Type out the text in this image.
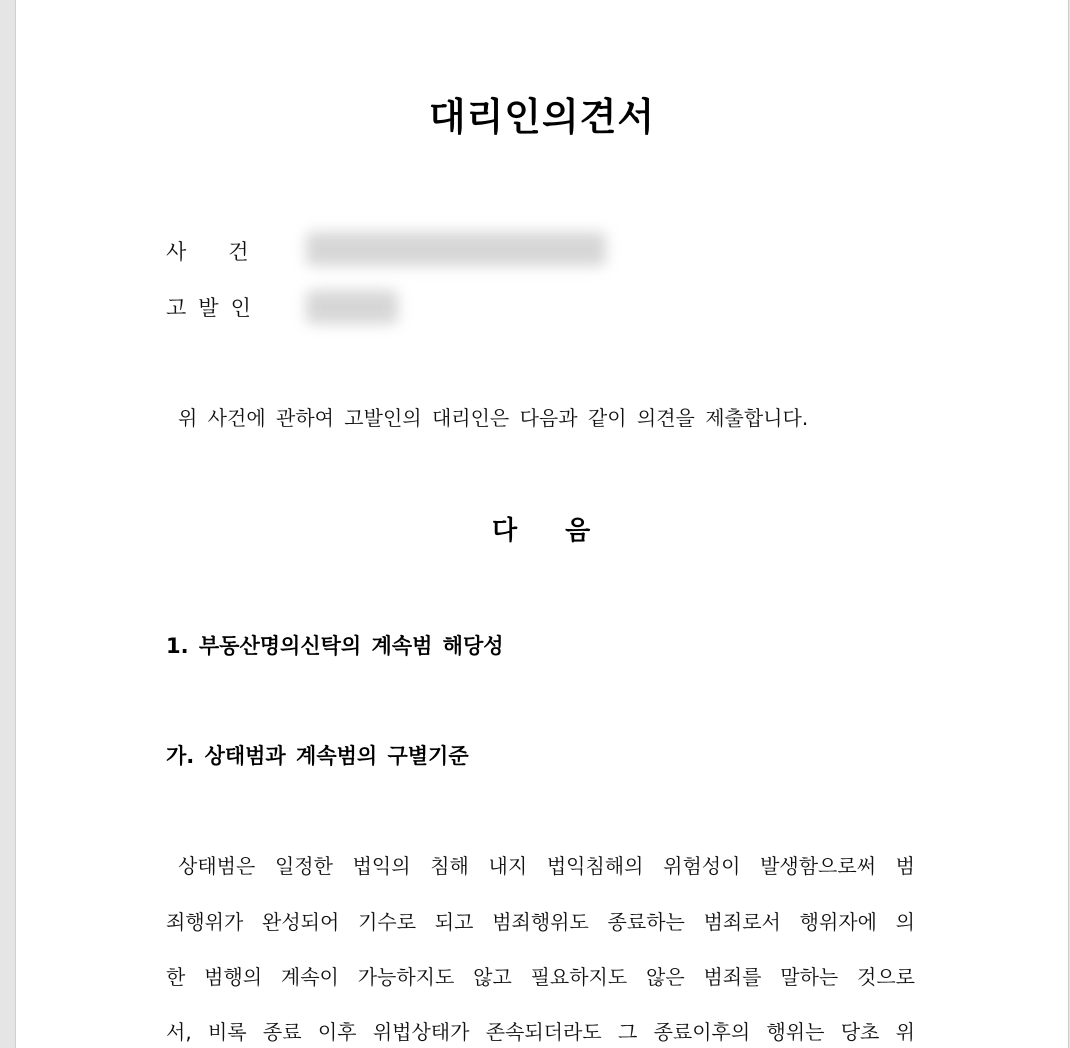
대리인의견서
사 건
고 발 인
위 사건에 관하여 고발인의 대리인은 다음과 같이 의견을 제출합니다.
다 음
1. 부동산명의신탁의 계속범 해당성
가. 상태범과 계속범의 구별기준
상태범은 일정한 법익의 침해 내지 법익침해의 위험성이 발생함으로써 범
죄행위가 완성되어 기수로 되고 범죄행위도 종료하는 범죄로서 행위자에 의
한 범행의 계속이 가능하지도 않고 필요하지도 않은 범죄를 말하는 것으로
서, 비록 종료 이후 위법상태가 존속되더라도 그 종료이후의 행위는 당초 위
